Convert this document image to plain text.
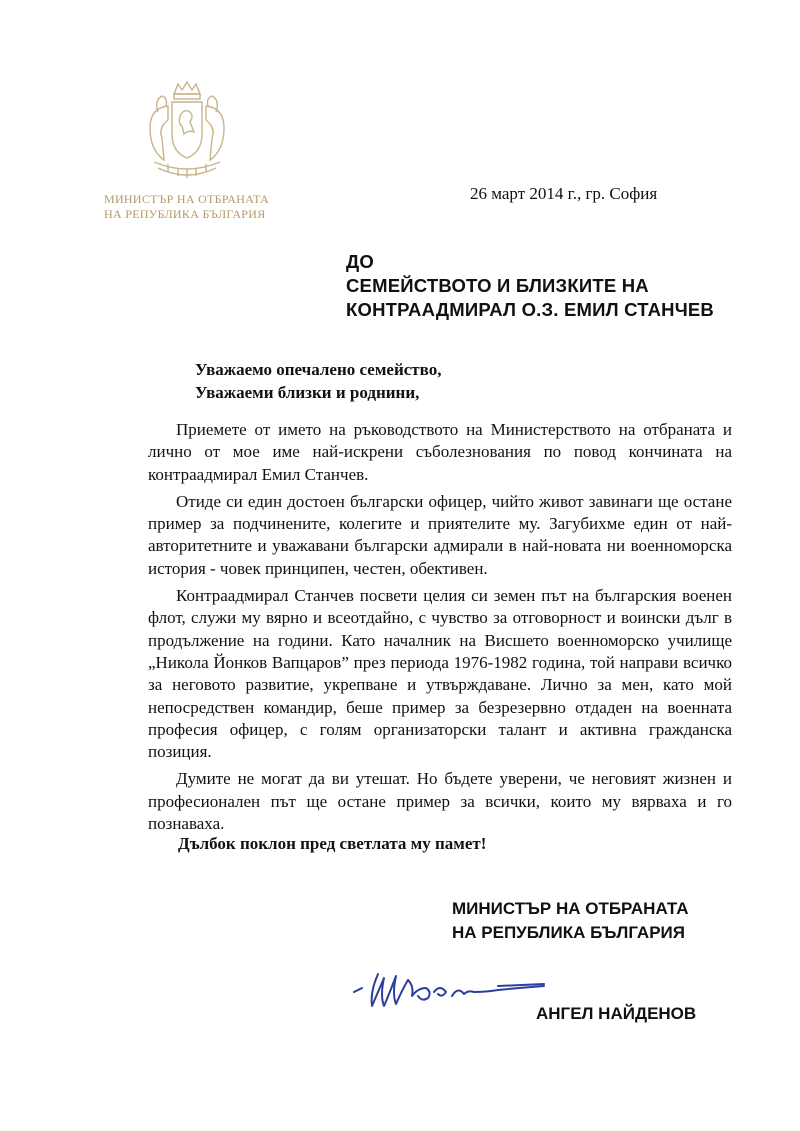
МИНИСТЪР НА ОТБРАНАТА
НА РЕПУБЛИКА БЪЛГАРИЯ
26 март 2014 г., гр. София
ДО
СЕМЕЙСТВОТО И БЛИЗКИТЕ НА
КОНТРААДМИРАЛ О.З. ЕМИЛ СТАНЧЕВ
Уважаемо опечалено семейство,
Уважаеми близки и роднини,

Приемете от името на ръководството на Министерството на отбраната и лично от мое име най-искрени съболезнования по повод кончината на контраадмирал Емил Станчев.

Отиде си един достоен български офицер, чийто живот завинаги ще остане пример за подчинените, колегите и приятелите му. Загубихме един от най-авторитетните и уважавани български адмирали в най-новата ни военноморска история - човек принципен, честен, обективен.

Контраадмирал Станчев посвети целия си земен път на българския военен флот, служи му вярно и всеотдайно, с чувство за отговорност и воински дълг в продължение на години. Като началник на Висшето военноморско училище „Никола Йонков Вапцаров” през периода 1976-1982 година, той направи всичко за неговото развитие, укрепване и утвърждаване. Лично за мен, като мой непосредствен командир, беше пример за безрезервно отдаден на военната професия офицер, с голям организаторски талант и активна гражданска позиция.

Думите не могат да ви утешат. Но бъдете уверени, че неговият жизнен и професионален път ще остане пример за всички, които му вярваха и го познаваха.

Дълбок поклон пред светлата му памет!
МИНИСТЪР НА ОТБРАНАТА
НА РЕПУБЛИКА БЪЛГАРИЯ
АНГЕЛ НАЙДЕНОВ
